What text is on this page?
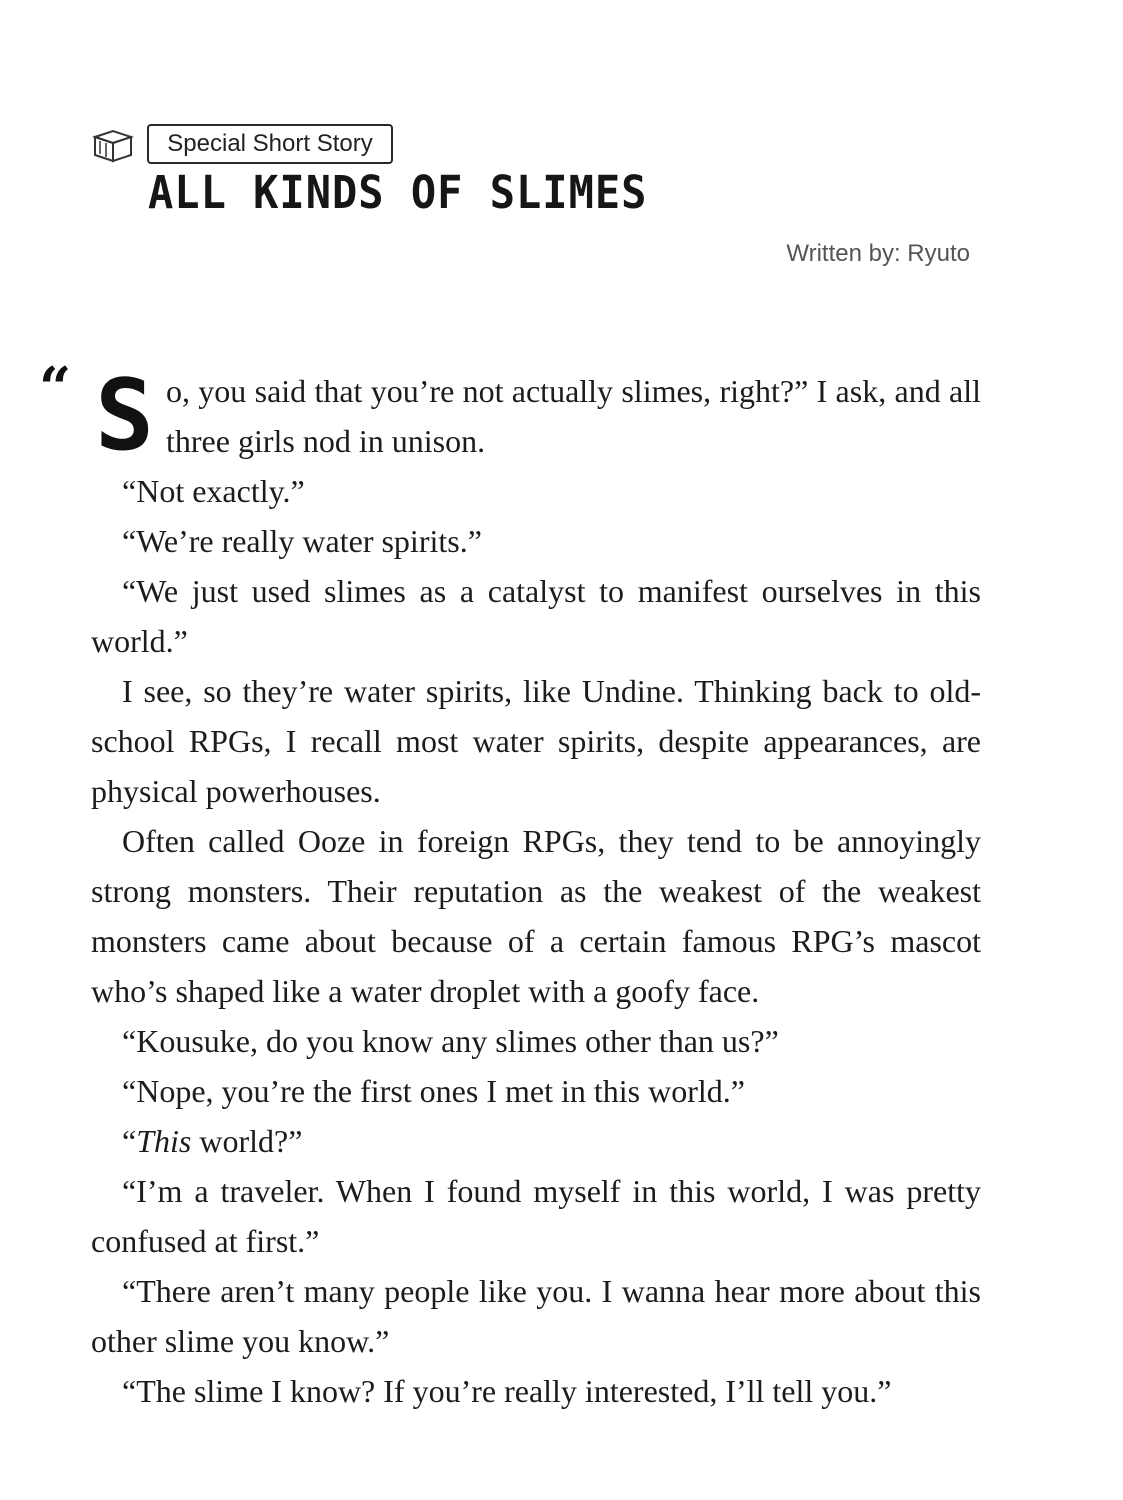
Special Short Story
ALL KINDS OF SLIMES
Written by: Ryuto

“ S o, you said that you’re not actually slimes, right?” I ask, and all three girls nod in unison.

“Not exactly.”

“We’re really water spirits.”

“We just used slimes as a catalyst to manifest ourselves in this world.”

I see, so they’re water spirits, like Undine. Thinking back to old-school RPGs, I recall most water spirits, despite appearances, are physical powerhouses.

Often called Ooze in foreign RPGs, they tend to be annoyingly strong monsters. Their reputation as the weakest of the weakest monsters came about because of a certain famous RPG’s mascot who’s shaped like a water droplet with a goofy face.

“Kousuke, do you know any slimes other than us?”

“Nope, you’re the first ones I met in this world.”

“This world?”

“I’m a traveler. When I found myself in this world, I was pretty confused at first.”

“There aren’t many people like you. I wanna hear more about this other slime you know.”

“The slime I know? If you’re really interested, I’ll tell you.”
